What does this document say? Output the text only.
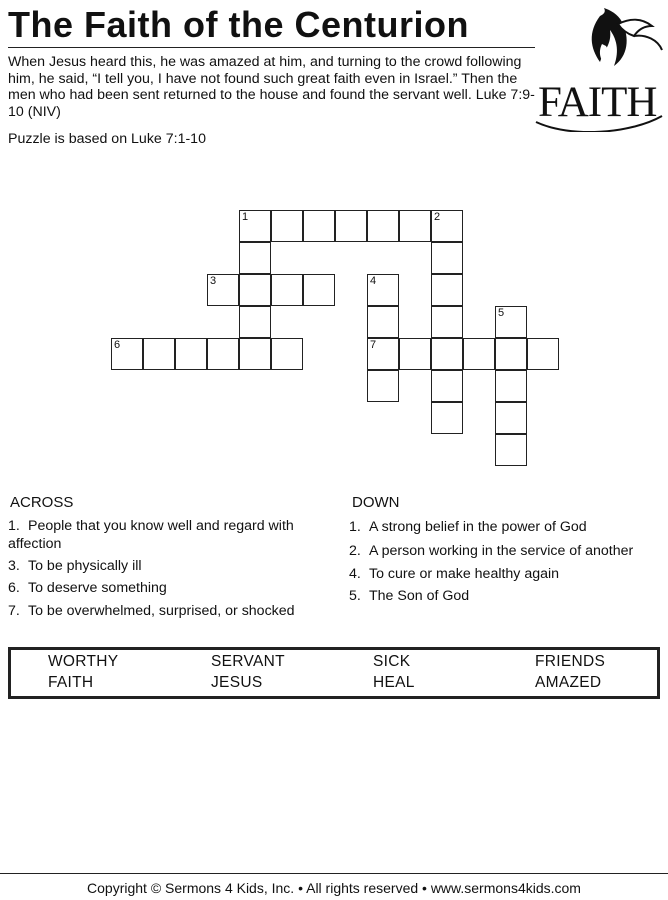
The Faith of the Centurion
When Jesus heard this, he was amazed at him, and turning to the crowd following him, he said, “I tell you, I have not found such great faith even in Israel.” Then the men who had been sent returned to the house and found the servant well. Luke 7:9-10 (NIV)
Puzzle is based on Luke 7:1-10
FAITH
1	2
3
6
4
7
5
ACROSS
1. People that you know well and regard with affection
3. To be physically ill
6. To deserve something
7. To be overwhelmed, surprised, or shocked
DOWN
1. A strong belief in the power of God
2. A person working in the service of another
4. To cure or make healthy again
5. The Son of God
WORTHY	SERVANT	SICK	FRIENDS
FAITH	JESUS	HEAL	AMAZED
Copyright © Sermons 4 Kids, Inc. • All rights reserved • www.sermons4kids.com
